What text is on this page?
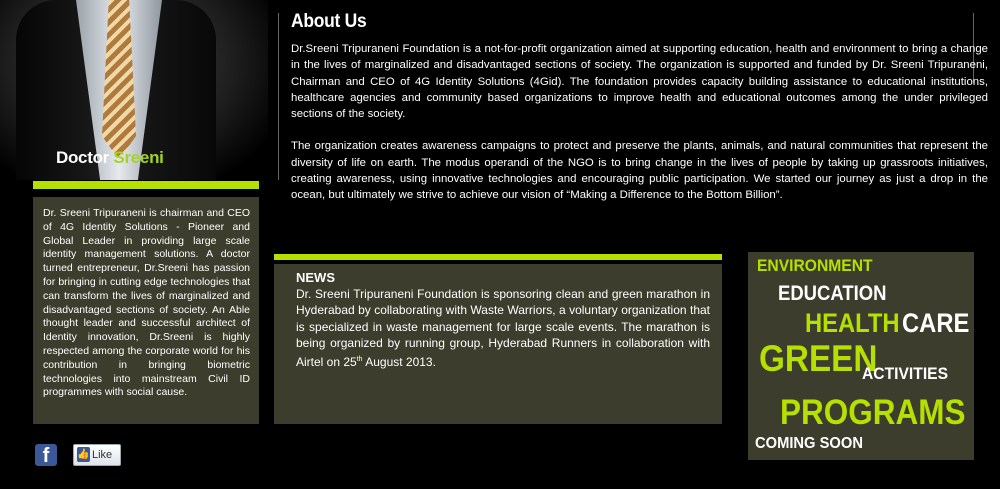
Doctor Sreeni
Dr. Sreeni Tripuraneni is chairman and CEO of 4G Identity Solutions - Pioneer and Global Leader in providing large scale identity management solutions. A doctor turned entrepreneur, Dr.Sreeni has passion for bringing in cutting edge technologies that can transform the lives of marginalized and disadvantaged sections of society. An Able thought leader and successful architect of Identity innovation, Dr.Sreeni is highly respected among the corporate world for his contribution in bringing biometric technologies into mainstream Civil ID programmes with social cause.
About Us

Dr.Sreeni Tripuraneni Foundation is a not-for-profit organization aimed at supporting education, health and environment to bring a change in the lives of marginalized and disadvantaged sections of society. The organization is supported and funded by Dr. Sreeni Tripuraneni, Chairman and CEO of 4G Identity Solutions (4Gid). The foundation provides capacity building assistance to educational institutions, healthcare agencies and community based organizations to improve health and educational outcomes among the under privileged sections of the society.

The organization creates awareness campaigns to protect and preserve the plants, animals, and natural communities that represent the diversity of life on earth. The modus operandi of the NGO is to bring change in the lives of people by taking up grassroots initiatives, creating awareness, using innovative technologies and encouraging public participation. We started our journey as just a drop in the ocean, but ultimately we strive to achieve our vision of “Making a Difference to the Bottom Billion”.

NEWS
Dr. Sreeni Tripuraneni Foundation is sponsoring clean and green marathon in Hyderabad by collaborating with Waste Warriors, a voluntary organization that is specialized in waste management for large scale events. The marathon is being organized by running group, Hyderabad Runners in collaboration with Airtel on 25th August 2013.
ENVIRONMENT
EDUCATION
HEALTH CARE
GREEN
ACTIVITIES
PROGRAMS
COMING SOON
f	👍 Like
